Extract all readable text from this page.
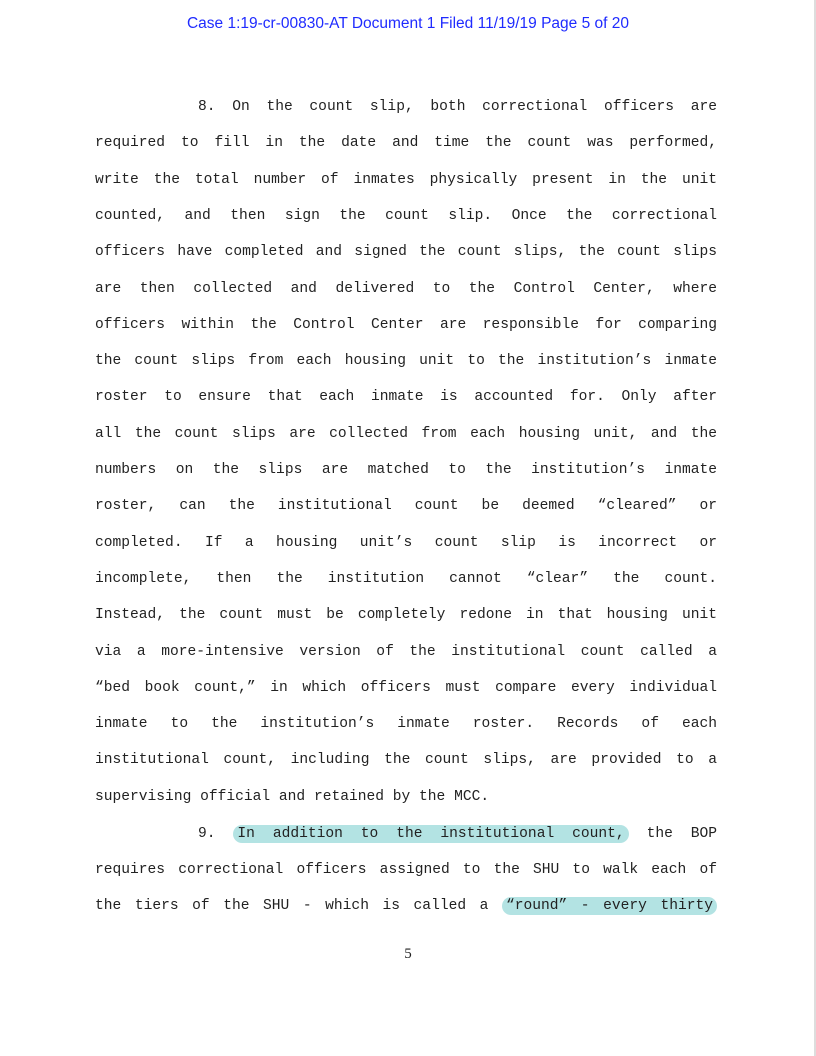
Case 1:19-cr-00830-AT Document 1 Filed 11/19/19 Page 5 of 20
8. On the count slip, both correctional officers are
required to fill in the date and time the count was performed,
write the total number of inmates physically present in the unit
counted, and then sign the count slip. Once the correctional
officers have completed and signed the count slips, the count slips
are then collected and delivered to the Control Center, where
officers within the Control Center are responsible for comparing
the count slips from each housing unit to the institution’s inmate
roster to ensure that each inmate is accounted for. Only after
all the count slips are collected from each housing unit, and the
numbers on the slips are matched to the institution’s inmate
roster, can the institutional count be deemed “cleared” or
completed. If a housing unit’s count slip is incorrect or
incomplete, then the institution cannot “clear” the count.
Instead, the count must be completely redone in that housing unit
via a more-intensive version of the institutional count called a
“bed book count,” in which officers must compare every individual
inmate to the institution’s inmate roster. Records of each
institutional count, including the count slips, are provided to a
supervising official and retained by the MCC.
9. In addition to the institutional count, the BOP
requires correctional officers assigned to the SHU to walk each of
the tiers of the SHU - which is called a “round” - every thirty
5
